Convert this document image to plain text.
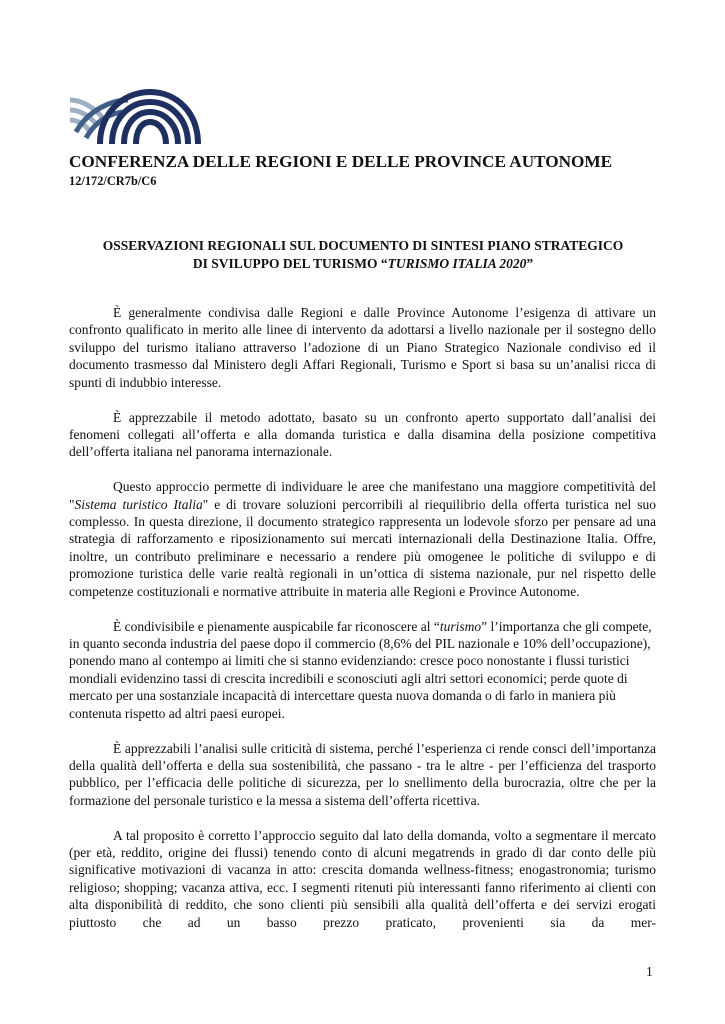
CONFERENZA DELLE REGIONI E DELLE PROVINCE AUTONOME
12/172/CR7b/C6
OSSERVAZIONI REGIONALI SUL DOCUMENTO DI SINTESI PIANO STRATEGICO
DI SVILUPPO DEL TURISMO “TURISMO ITALIA 2020”

È generalmente condivisa dalle Regioni e dalle Province Autonome l’esigenza di attivare un confronto qualificato in merito alle linee di intervento da adottarsi a livello nazionale per il sostegno dello sviluppo del turismo italiano attraverso l’adozione di un Piano Strategico Nazionale condiviso ed il documento trasmesso dal Ministero degli Affari Regionali, Turismo e Sport si basa su un’analisi ricca di spunti di indubbio interesse.

È apprezzabile il metodo adottato, basato su un confronto aperto supportato dall’analisi dei fenomeni collegati all’offerta e alla domanda turistica e dalla disamina della posizione competitiva dell’offerta italiana nel panorama internazionale.

Questo approccio permette di individuare le aree che manifestano una maggiore competitività del "Sistema turistico Italia" e di trovare soluzioni percorribili al riequilibrio della offerta turistica nel suo complesso. In questa direzione, il documento strategico rappresenta un lodevole sforzo per pensare ad una strategia di rafforzamento e riposizionamento sui mercati internazionali della Destinazione Italia. Offre, inoltre, un contributo preliminare e necessario a rendere più omogenee le politiche di sviluppo e di promozione turistica delle varie realtà regionali in un’ottica di sistema nazionale, pur nel rispetto delle competenze costituzionali e normative attribuite in materia alle Regioni e Province Autonome.

È condivisibile e pienamente auspicabile far riconoscere al “turismo” l’importanza che gli compete, in quanto seconda industria del paese dopo il commercio (8,6% del PIL nazionale e 10% dell’occupazione), ponendo mano al contempo ai limiti che si stanno evidenziando: cresce poco nonostante i flussi turistici mondiali evidenzino tassi di crescita incredibili e sconosciuti agli altri settori economici; perde quote di mercato per una sostanziale incapacità di intercettare questa nuova domanda o di farlo in maniera più contenuta rispetto ad altri paesi europei.

È apprezzabili l’analisi sulle criticità di sistema, perché l’esperienza ci rende consci dell’importanza della qualità dell’offerta e della sua sostenibilità, che passano - tra le altre - per l’efficienza del trasporto pubblico, per l’efficacia delle politiche di sicurezza, per lo snellimento della burocrazia, oltre che per la formazione del personale turistico e la messa a sistema dell’offerta ricettiva.

A tal proposito è corretto l’approccio seguito dal lato della domanda, volto a segmentare il mercato (per età, reddito, origine dei flussi) tenendo conto di alcuni megatrends in grado di dar conto delle più significative motivazioni di vacanza in atto: crescita domanda wellness-fitness; enogastronomia; turismo religioso; shopping; vacanza attiva, ecc. I segmenti ritenuti più interessanti fanno riferimento ai clienti con alta disponibilità di reddito, che sono clienti più sensibili alla qualità dell’offerta e dei servizi erogati piuttosto che ad un basso prezzo praticato, provenienti sia da mer-

1
